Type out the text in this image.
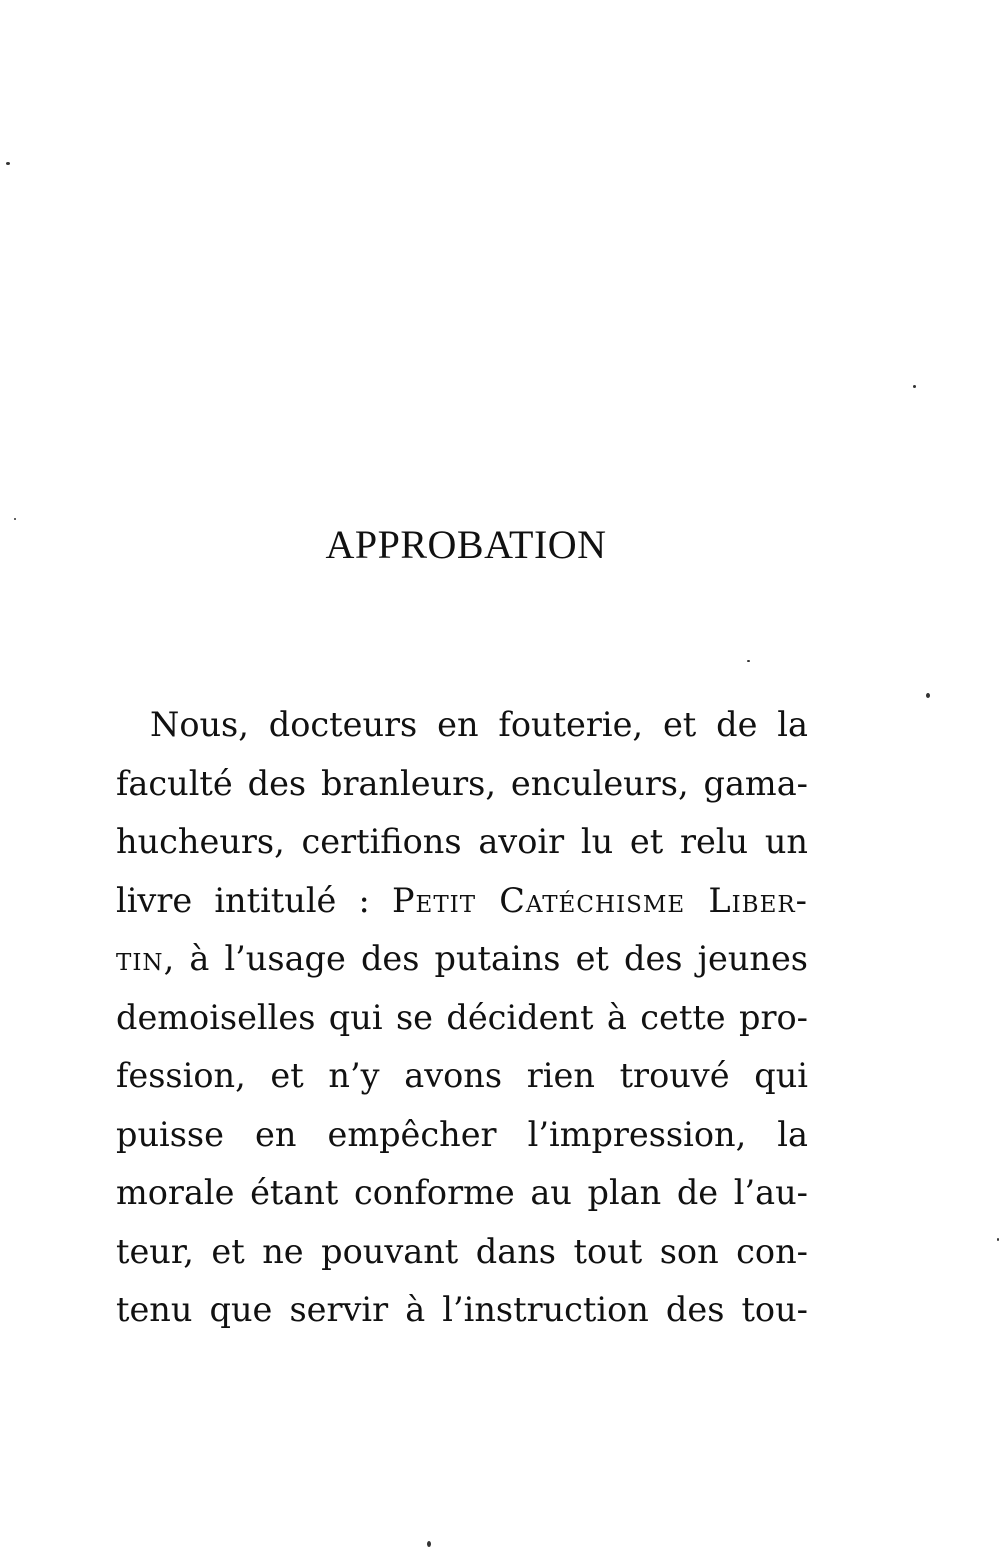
APPROBATION
Nous, docteurs en fouterie, et de la
faculté des branleurs, enculeurs, gama-
hucheurs, certifions avoir lu et relu un
livre intitulé : Petit Catéchisme Liber-
tin, à l’usage des putains et des jeunes
demoiselles qui se décident à cette pro-
fession, et n’y avons rien trouvé qui
puisse en empêcher l’impression, la
morale étant conforme au plan de l’au-
teur, et ne pouvant dans tout son con-
tenu que servir à l’instruction des tou-
